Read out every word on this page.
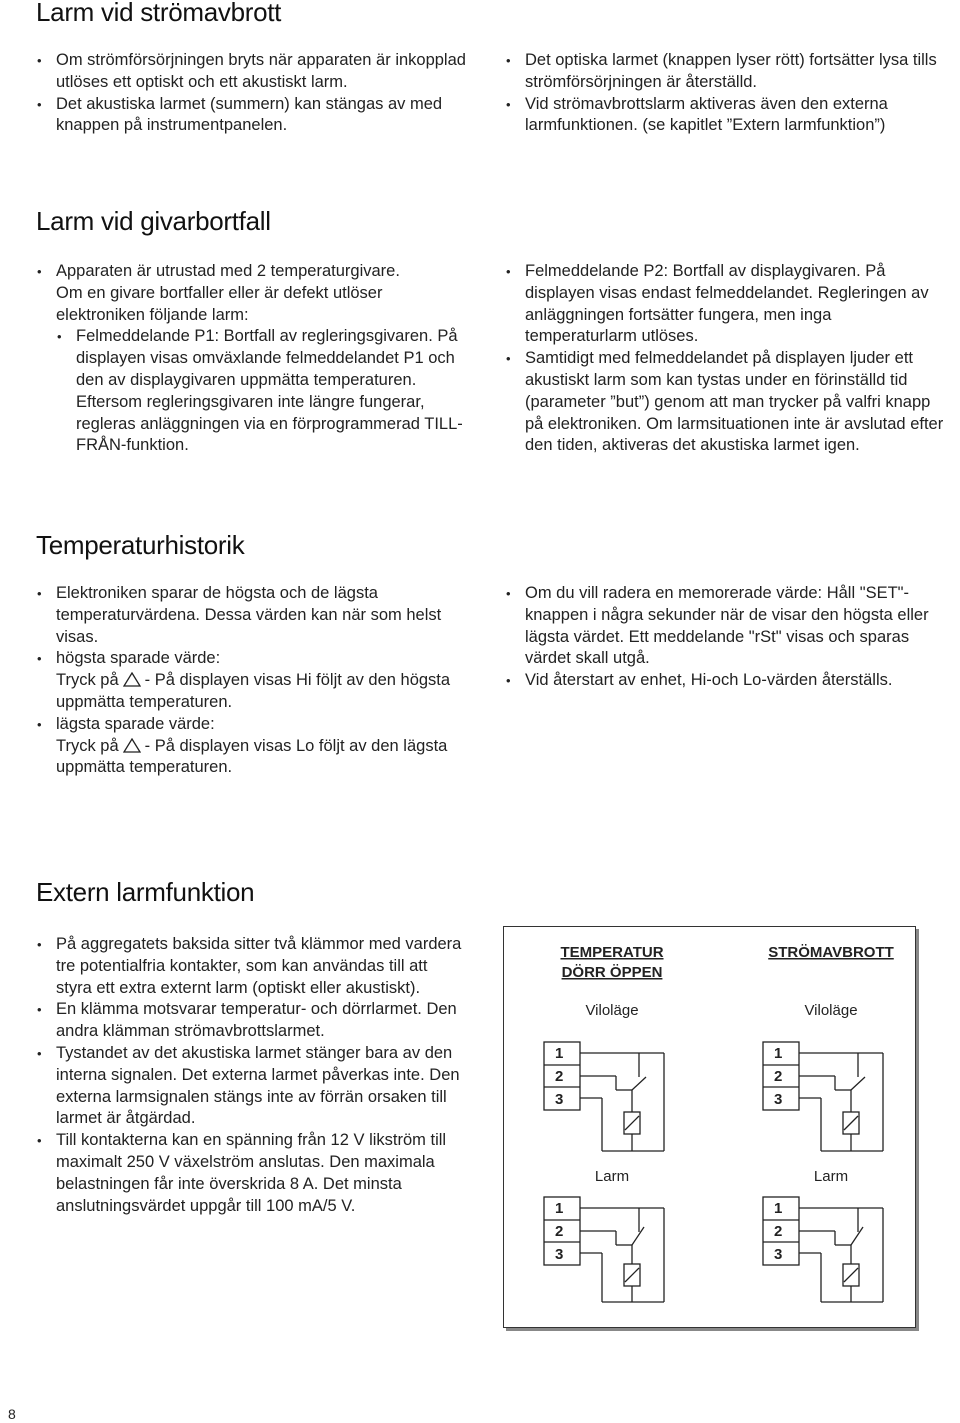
Larm vid strömavbrott
• Om strömförsörjningen bryts när apparaten är inkopplad utlöses ett optiskt och ett akustiskt larm.
• Det akustiska larmet (summern) kan stängas av med knappen på instrumentpanelen.
• Det optiska larmet (knappen lyser rött) fortsätter lysa tills strömförsörjningen är återställd.
• Vid strömavbrottslarm aktiveras även den externa larmfunktionen. (se kapitlet ”Extern larmfunktion”)
Larm vid givarbortfall
• Apparaten är utrustad med 2 temperaturgivare.
Om en givare bortfaller eller är defekt utlöser elektroniken följande larm:
• Felmeddelande P1: Bortfall av regleringsgivaren. På displayen visas omväxlande felmeddelandet P1 och den av displaygivaren uppmätta temperaturen. Eftersom regleringsgivaren inte längre fungerar, regleras anläggningen via en förprogrammerad TILL-FRÅN-funktion.
• Felmeddelande P2: Bortfall av displaygivaren. På displayen visas endast felmeddelandet. Regleringen av anläggningen fortsätter fungera, men inga temperaturlarm utlöses.
• Samtidigt med felmeddelandet på displayen ljuder ett akustiskt larm som kan tystas under en förinställd tid (parameter ”but”) genom att man trycker på valfri knapp på elektroniken. Om larmsituationen inte är avslutad efter den tiden, aktiveras det akustiska larmet igen.
Temperaturhistorik
• Elektroniken sparar de högsta och de lägsta temperaturvärdena. Dessa värden kan när som helst visas.
• högsta sparade värde:
Tryck på - På displayen visas Hi följt av den högsta uppmätta temperaturen.
• lägsta sparade värde:
Tryck på - På displayen visas Lo följt av den lägsta uppmätta temperaturen.
• Om du vill radera en memorerade värde: Håll "SET"-knappen i några sekunder när de visar den högsta eller lägsta värdet. Ett meddelande "rSt" visas och sparas värdet skall utgå.
• Vid återstart av enhet, Hi-och Lo-värden återställs.
Extern larmfunktion
• På aggregatets baksida sitter två klämmor med vardera tre potentialfria kontakter, som kan användas till att styra ett extra externt larm (optiskt eller akustiskt).
• En klämma motsvarar temperatur- och dörrlarmet. Den andra klämman strömavbrottslarmet.
• Tystandet av det akustiska larmet stänger bara av den interna signalen. Det externa larmet påverkas inte. Den externa larmsignalen stängs inte av förrän orsaken till larmet är åtgärdad.
• Till kontakterna kan en spänning från 12 V likström till maximalt 250 V växelström anslutas. Den maximala belastningen får inte överskrida 8 A. Det minsta anslutningsvärdet uppgår till 100 mA/5 V.
TEMPERATUR
DÖRR ÖPPEN
STRÖMAVBROTT
Viloläge	Viloläge
Larm	Larm
1
2
3
1
2
3
1
2
3
1
2
3
8
